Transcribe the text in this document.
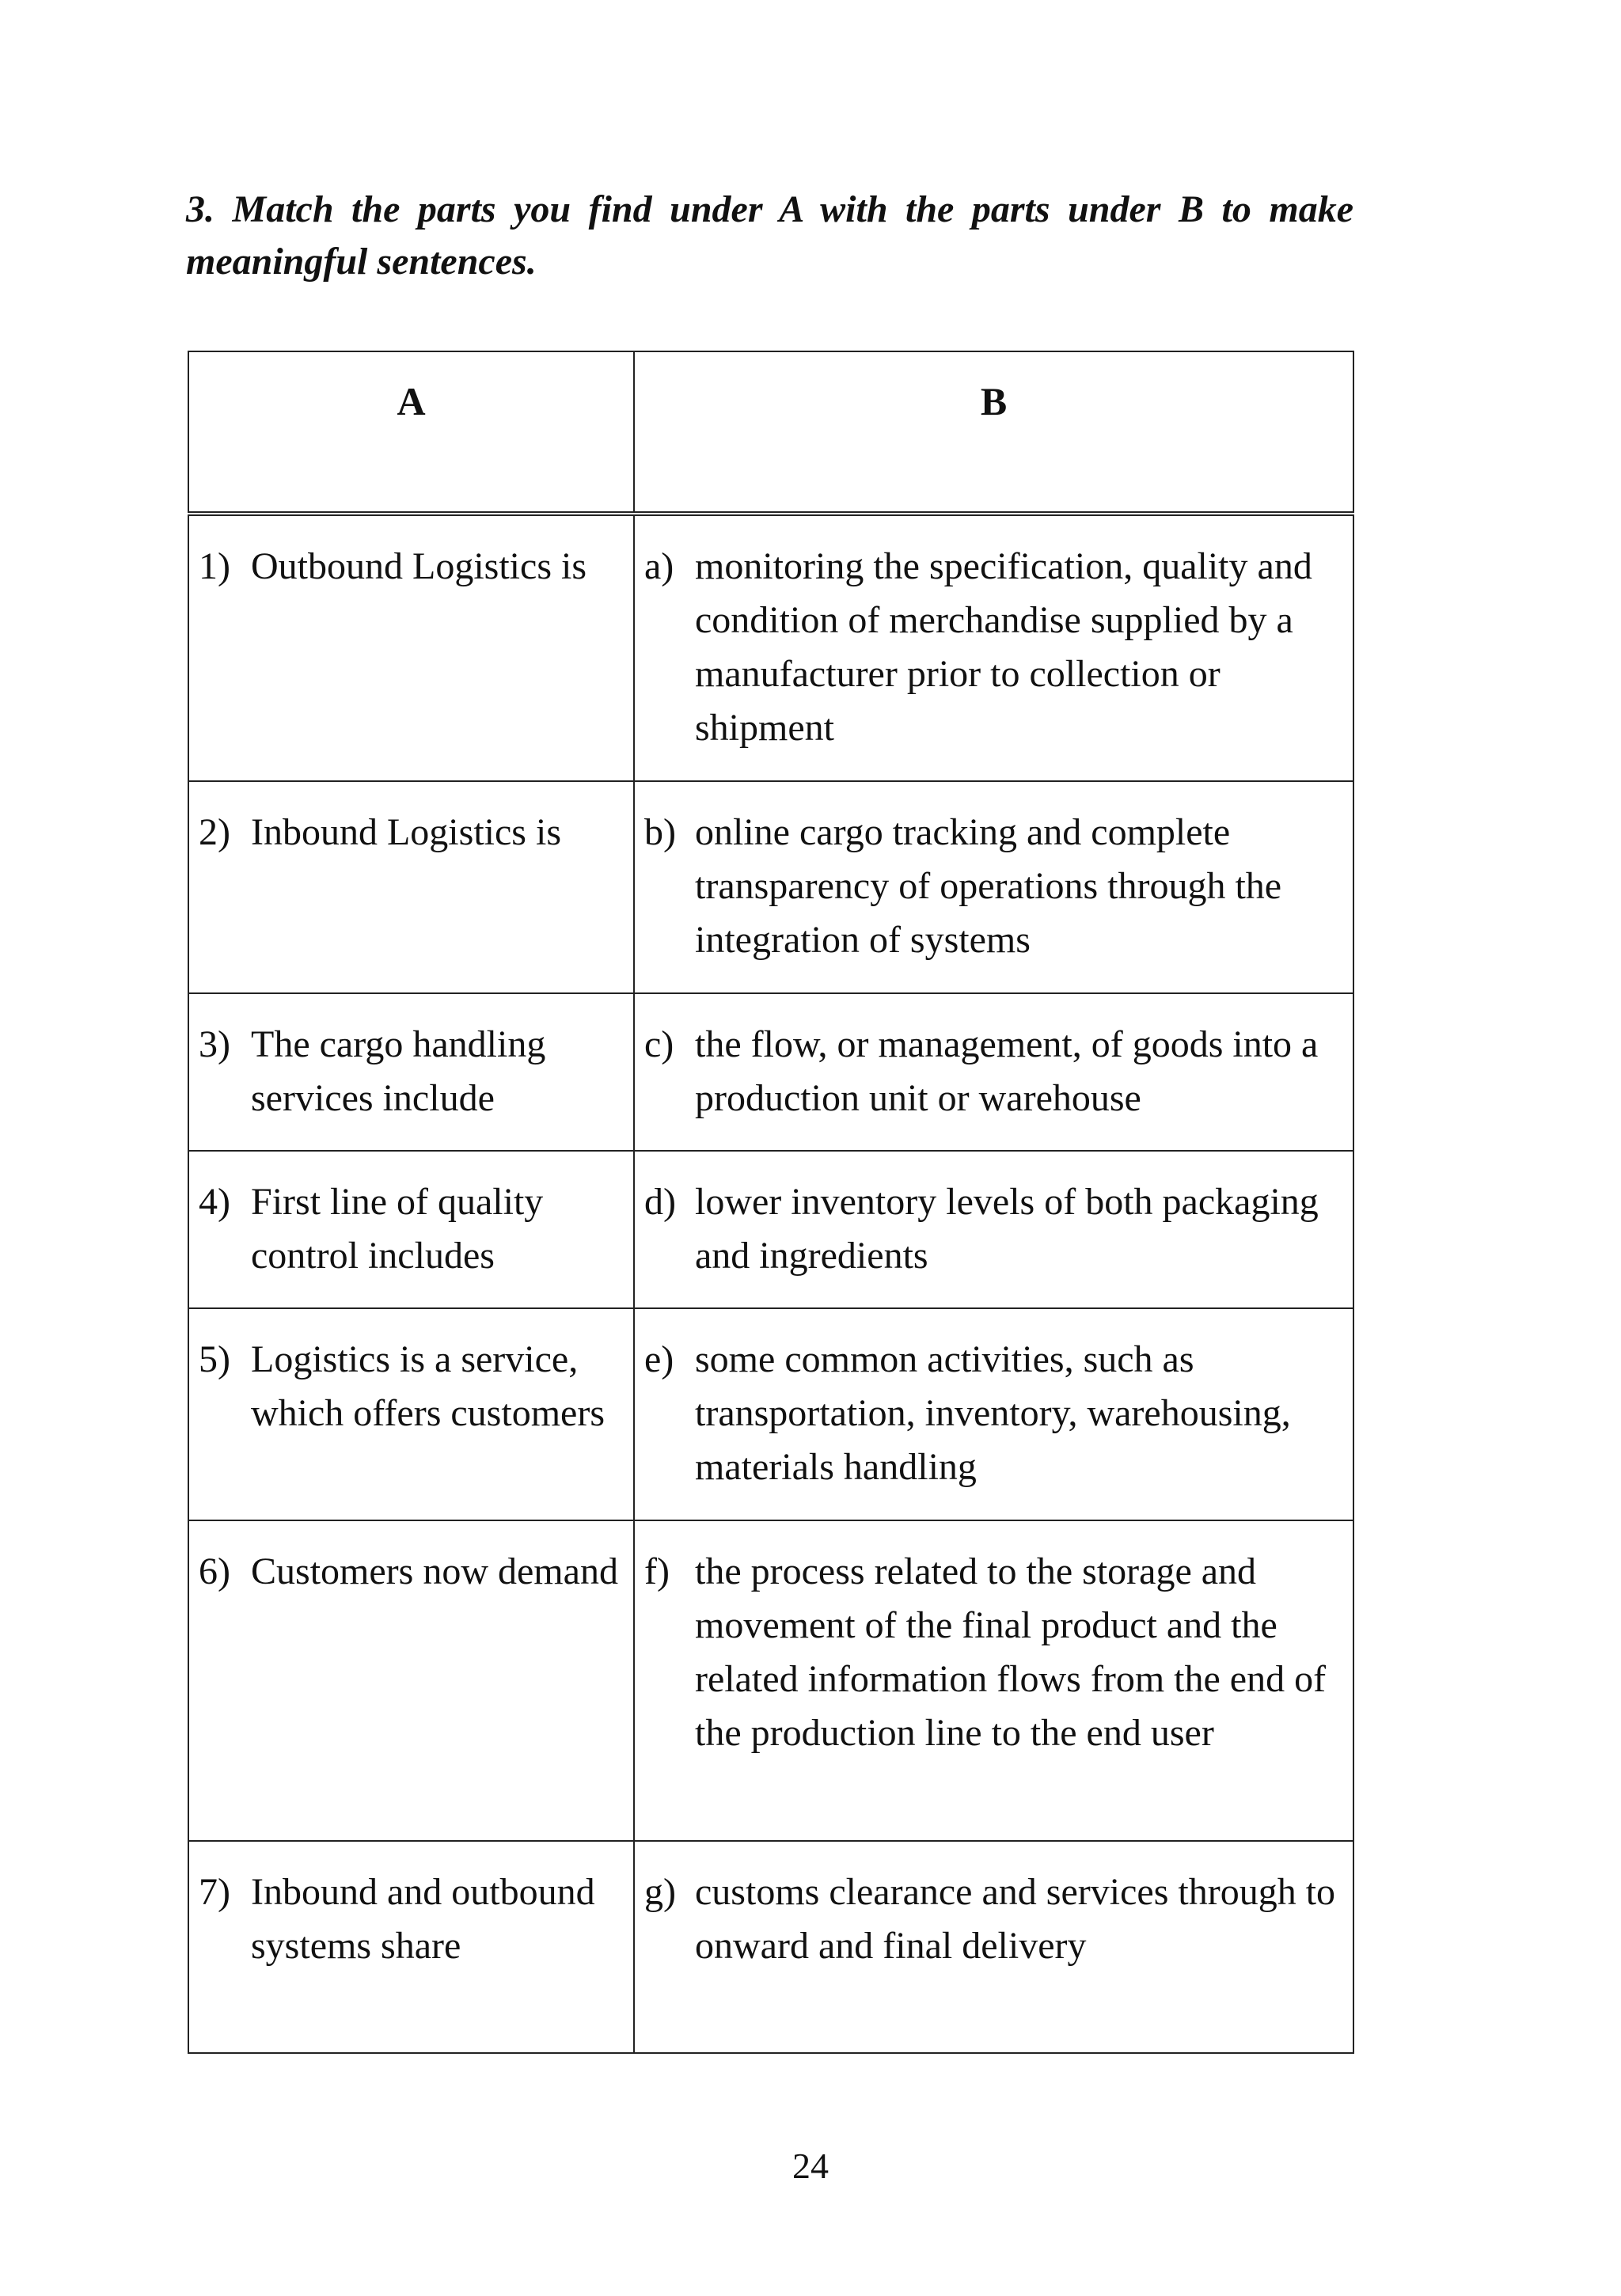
3. Match the parts you find under A with the parts under B to make meaningful sentences.

A	B

1) Outbound Logistics is	a) monitoring the specification, quality and condition of merchandise supplied by a manufacturer prior to collection or shipment

2) Inbound Logistics is	b) online cargo tracking and complete transparency of operations through the integration of systems

3) The cargo handling services include	c) the flow, or management, of goods into a production unit or warehouse

4) First line of quality control includes	d) lower inventory levels of both packaging and ingredients

5) Logistics is a service, which offers customers	e) some common activities, such as transportation, inventory, warehousing, materials handling

6) Customers now demand	f) the process related to the storage and movement of the final product and the related information flows from the end of the production line to the end user

7) Inbound and outbound systems share	g) customs clearance and services through to onward and final delivery
24
